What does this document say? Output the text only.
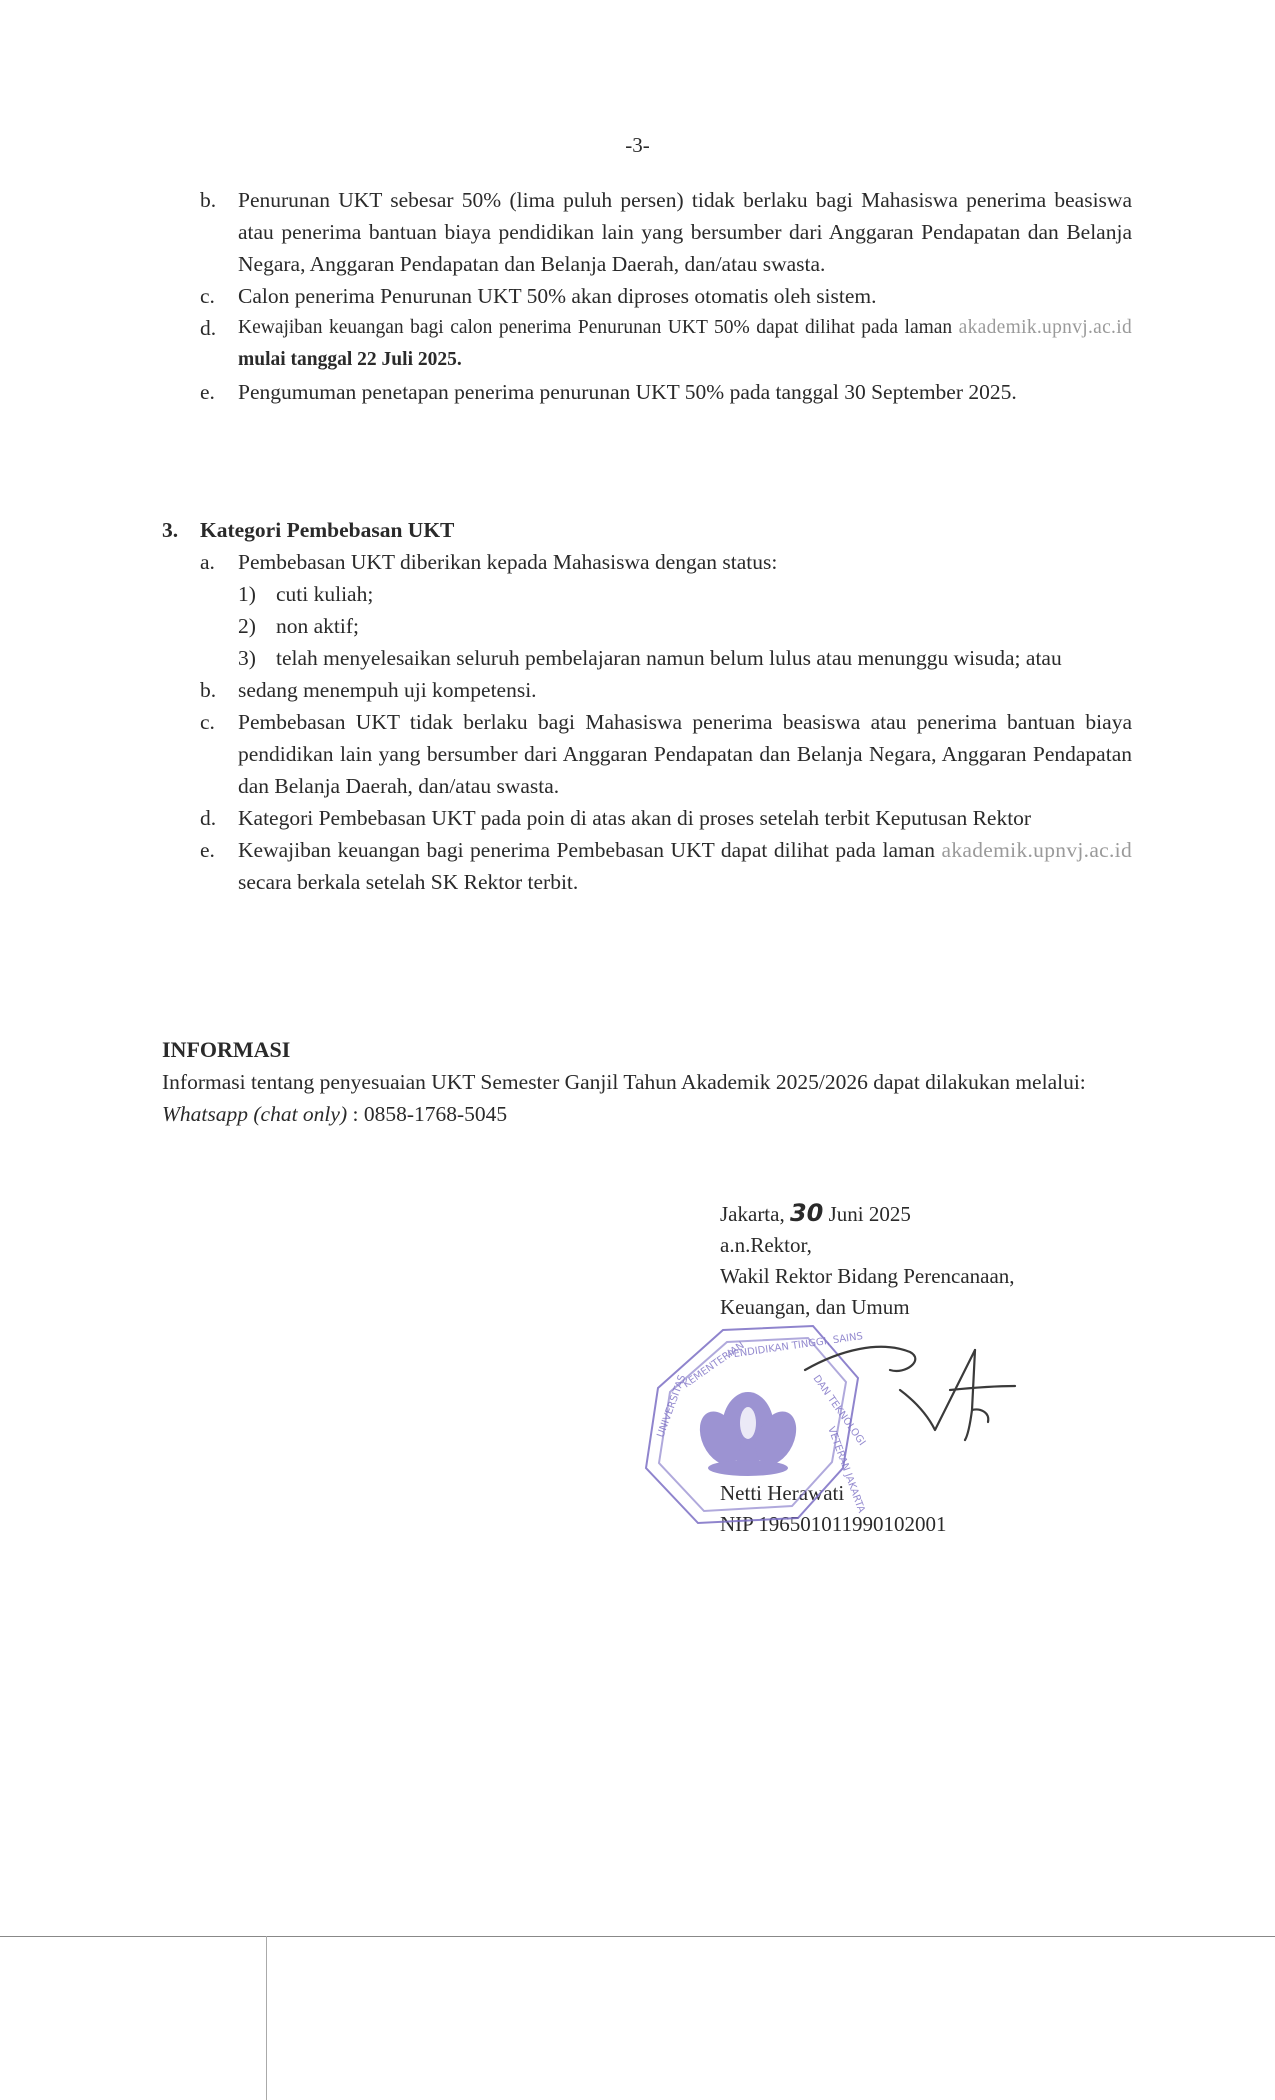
-3-
b. Penurunan UKT sebesar 50% (lima puluh persen) tidak berlaku bagi Mahasiswa penerima beasiswa atau penerima bantuan biaya pendidikan lain yang bersumber dari Anggaran Pendapatan dan Belanja Negara, Anggaran Pendapatan dan Belanja Daerah, dan/atau swasta.
c. Calon penerima Penurunan UKT 50% akan diproses otomatis oleh sistem.
d. Kewajiban keuangan bagi calon penerima Penurunan UKT 50% dapat dilihat pada laman akademik.upnvj.ac.id mulai tanggal 22 Juli 2025.
e. Pengumuman penetapan penerima penurunan UKT 50% pada tanggal 30 September 2025.
3. Kategori Pembebasan UKT
a. Pembebasan UKT diberikan kepada Mahasiswa dengan status:
1) cuti kuliah;
2) non aktif;
3) telah menyelesaikan seluruh pembelajaran namun belum lulus atau menunggu wisuda; atau
b. sedang menempuh uji kompetensi.
c. Pembebasan UKT tidak berlaku bagi Mahasiswa penerima beasiswa atau penerima bantuan biaya pendidikan lain yang bersumber dari Anggaran Pendapatan dan Belanja Negara, Anggaran Pendapatan dan Belanja Daerah, dan/atau swasta.
d. Kategori Pembebasan UKT pada poin di atas akan di proses setelah terbit Keputusan Rektor
e. Kewajiban keuangan bagi penerima Pembebasan UKT dapat dilihat pada laman akademik.upnvj.ac.id secara berkala setelah SK Rektor terbit.
INFORMASI
Informasi tentang penyesuaian UKT Semester Ganjil Tahun Akademik 2025/2026 dapat dilakukan melalui:
Whatsapp (chat only) : 0858-1768-5045
Jakarta, 30 Juni 2025
a.n.Rektor,
Wakil Rektor Bidang Perencanaan,
Keuangan, dan Umum
Netti Herawati
NIP 196501011990102001
KEMENTERIAN
PENDIDIKAN TINGGI, SAINS
DAN TEKNOLOGI
UNIVERSITAS
VETERAN JAKARTA
